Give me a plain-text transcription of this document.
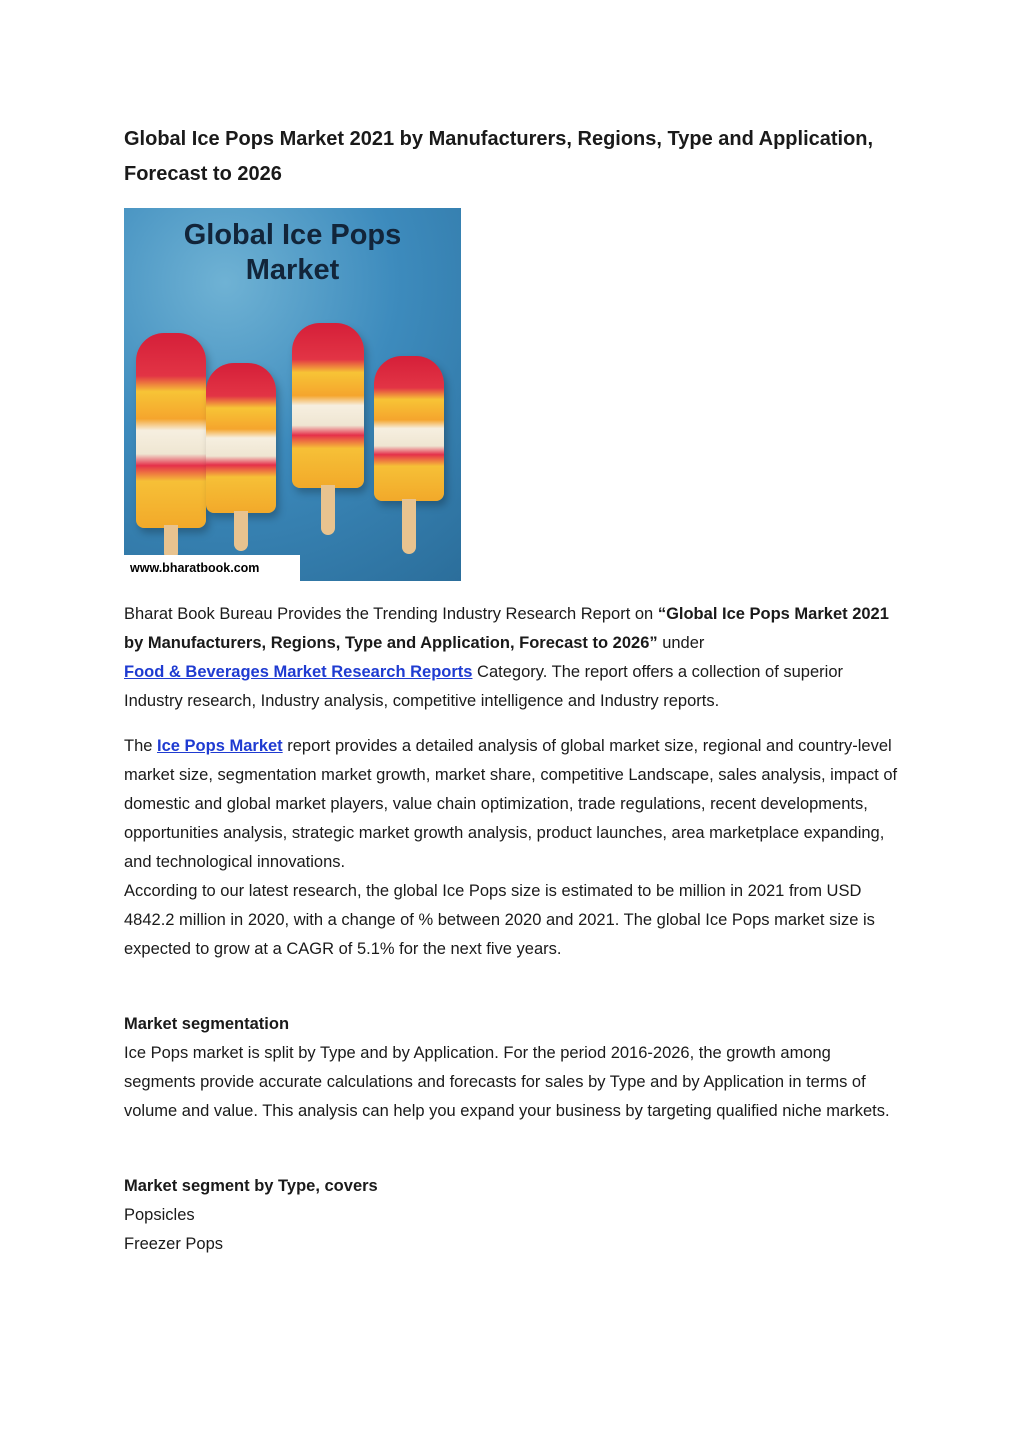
Global Ice Pops Market 2021 by Manufacturers, Regions, Type and Application, Forecast to 2026
Global Ice Pops
Market
www.bharatbook.com

Bharat Book Bureau Provides the Trending Industry Research Report on “Global Ice Pops Market 2021 by Manufacturers, Regions, Type and Application, Forecast to 2026” under
Food & Beverages Market Research Reports Category. The report offers a collection of superior Industry research, Industry analysis, competitive intelligence and Industry reports.

The Ice Pops Market report provides a detailed analysis of global market size, regional and country-level market size, segmentation market growth, market share, competitive Landscape, sales analysis, impact of domestic and global market players, value chain optimization, trade regulations, recent developments, opportunities analysis, strategic market growth analysis, product launches, area marketplace expanding, and technological innovations.
According to our latest research, the global Ice Pops size is estimated to be million in 2021 from USD 4842.2 million in 2020, with a change of % between 2020 and 2021. The global Ice Pops market size is expected to grow at a CAGR of 5.1% for the next five years.

Market segmentation
Ice Pops market is split by Type and by Application. For the period 2016-2026, the growth among segments provide accurate calculations and forecasts for sales by Type and by Application in terms of volume and value. This analysis can help you expand your business by targeting qualified niche markets.

Market segment by Type, covers
Popsicles
Freezer Pops
